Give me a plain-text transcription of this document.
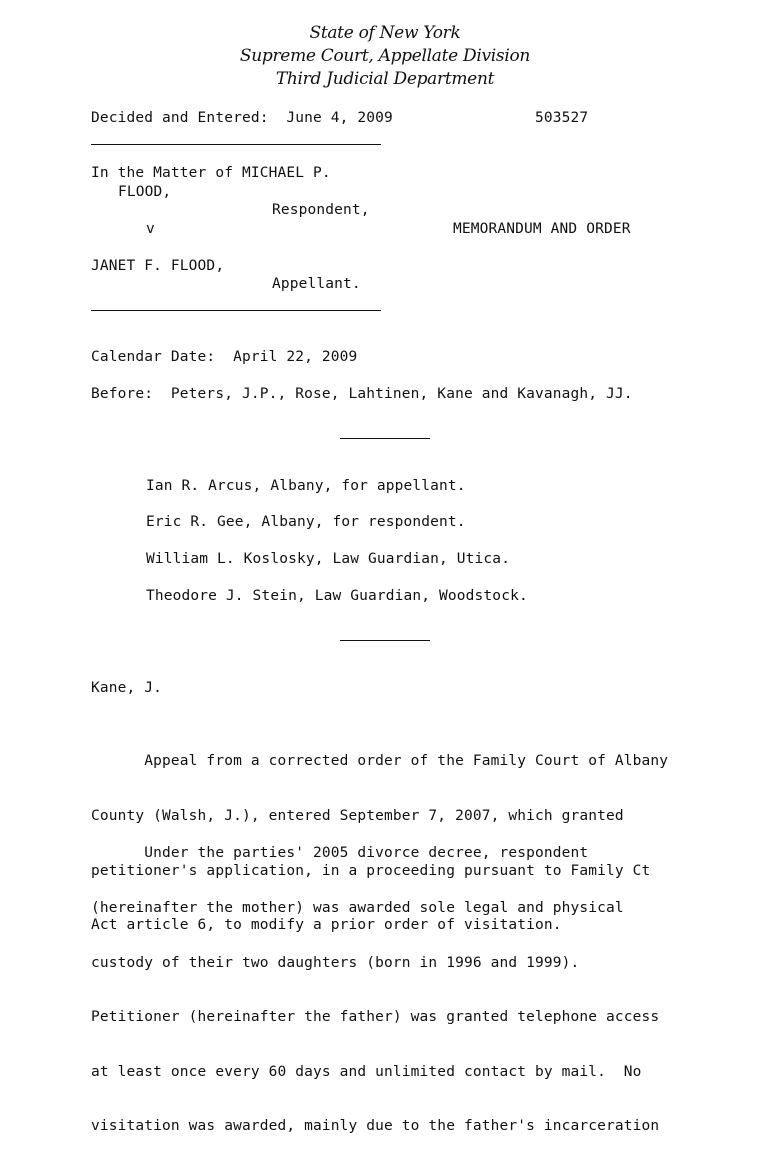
State of New York
Supreme Court, Appellate Division
Third Judicial Department
Decided and Entered:  June 4, 2009	503527
In the Matter of MICHAEL P.
FLOOD,
Respondent,
v	MEMORANDUM AND ORDER
JANET F. FLOOD,
Appellant.
Calendar Date:  April 22, 2009
Before:  Peters, J.P., Rose, Lahtinen, Kane and Kavanagh, JJ.
Ian R. Arcus, Albany, for appellant.
Eric R. Gee, Albany, for respondent.
William L. Koslosky, Law Guardian, Utica.
Theodore J. Stein, Law Guardian, Woodstock.
Kane, J.

Appeal from a corrected order of the Family Court of Albany

County (Walsh, J.), entered September 7, 2007, which granted

petitioner's application, in a proceeding pursuant to Family Ct

Act article 6, to modify a prior order of visitation.

Under the parties' 2005 divorce decree, respondent

(hereinafter the mother) was awarded sole legal and physical

custody of their two daughters (born in 1996 and 1999).

Petitioner (hereinafter the father) was granted telephone access

at least once every 60 days and unlimited contact by mail.  No

visitation was awarded, mainly due to the father's incarceration
